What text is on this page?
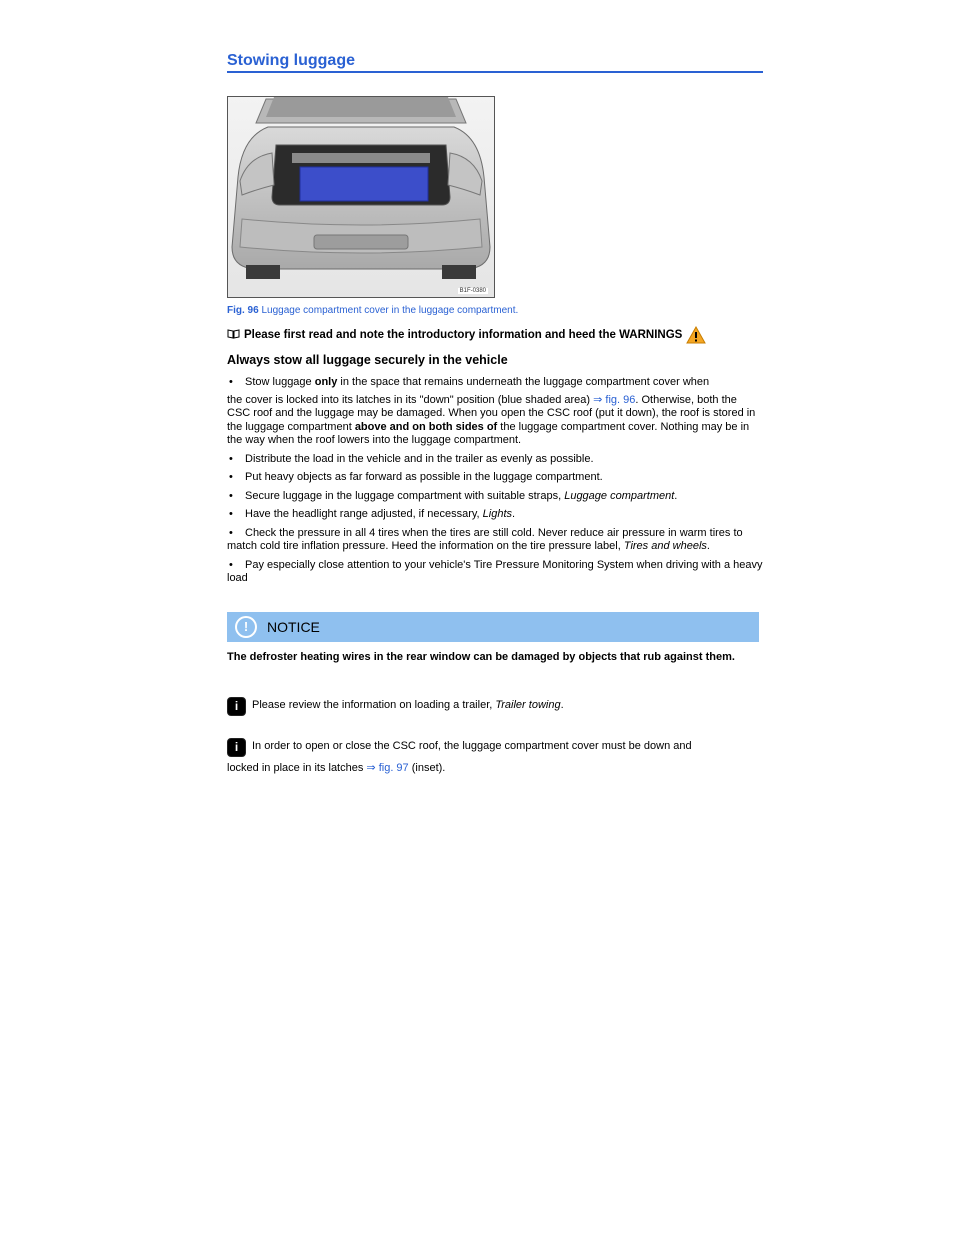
Stowing luggage
B1F-0380
Fig. 96 Luggage compartment cover in the luggage compartment.
Please first read and note the introductory information and heed the WARNINGS
Always stow all luggage securely in the vehicle
• Stow luggage only in the space that remains underneath the luggage compartment cover when
the cover is locked into its latches in its "down" position (blue shaded area) ⇒ fig. 96. Otherwise, both the CSC roof and the luggage may be damaged. When you open the CSC roof (put it down), the roof is stored in the luggage compartment above and on both sides of the luggage compartment cover. Nothing may be in the way when the roof lowers into the luggage compartment.
• Distribute the load in the vehicle and in the trailer as evenly as possible.
• Put heavy objects as far forward as possible in the luggage compartment.
• Secure luggage in the luggage compartment with suitable straps, Luggage compartment.
• Have the headlight range adjusted, if necessary, Lights.
• Check the pressure in all 4 tires when the tires are still cold. Never reduce air pressure in warm tires to match cold tire inflation pressure. Heed the information on the tire pressure label, Tires and wheels.
• Pay especially close attention to your vehicle's Tire Pressure Monitoring System when driving with a heavy load
!	NOTICE
The defroster heating wires in the rear window can be damaged by objects that rub against them.
i Please review the information on loading a trailer, Trailer towing.
i In order to open or close the CSC roof, the luggage compartment cover must be down and
locked in place in its latches ⇒ fig. 97 (inset).
